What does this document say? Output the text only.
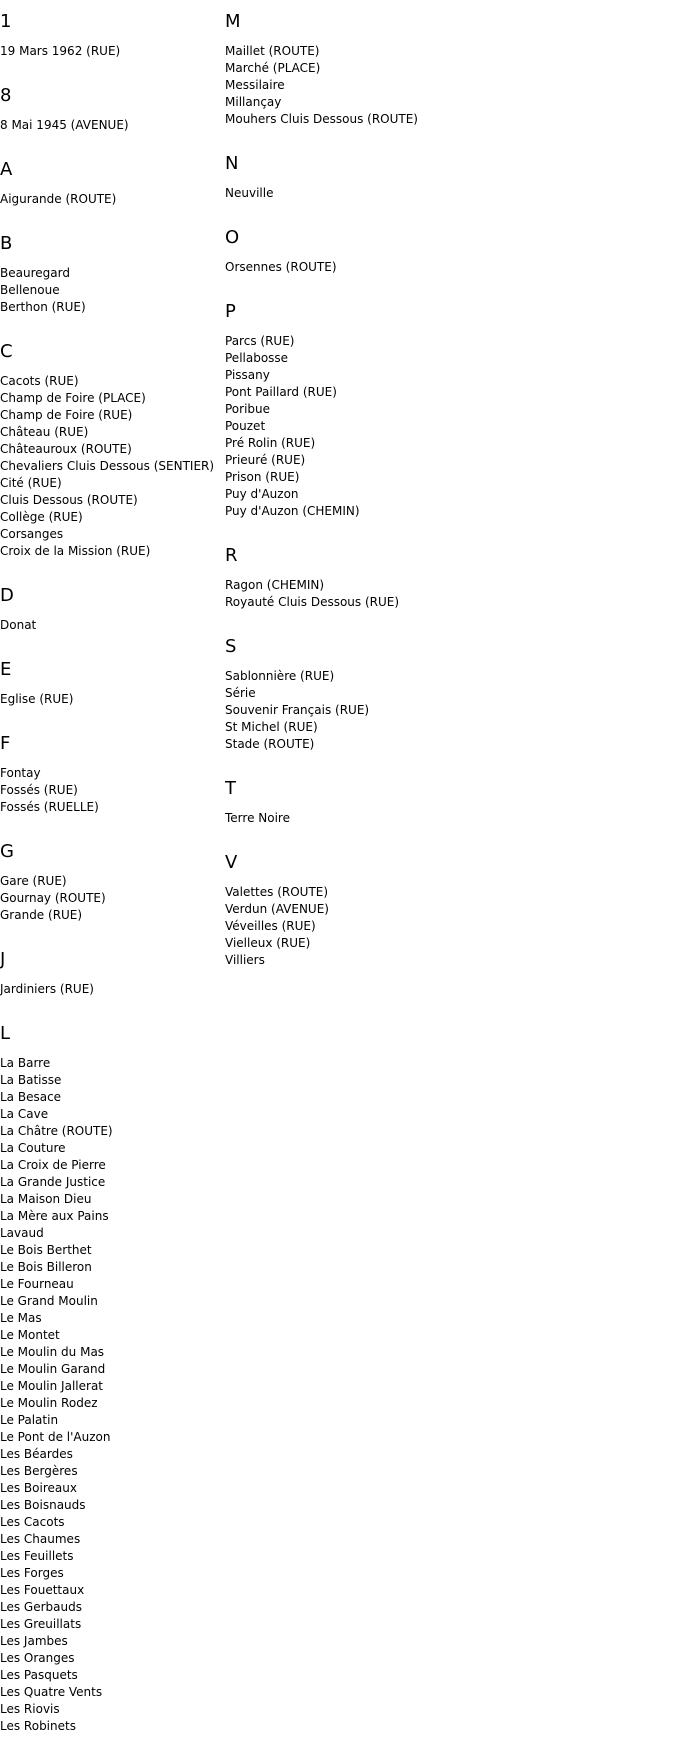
1
19 Mars 1962 (RUE)
8
8 Mai 1945 (AVENUE)
A
Aigurande (ROUTE)
B
Beauregard
Bellenoue
Berthon (RUE)
C
Cacots (RUE)
Champ de Foire (PLACE)
Champ de Foire (RUE)
Château (RUE)
Châteauroux (ROUTE)
Chevaliers Cluis Dessous (SENTIER)
Cité (RUE)
Cluis Dessous (ROUTE)
Collège (RUE)
Corsanges
Croix de la Mission (RUE)
D
Donat
E
Eglise (RUE)
F
Fontay
Fossés (RUE)
Fossés (RUELLE)
G
Gare (RUE)
Gournay (ROUTE)
Grande (RUE)
J
Jardiniers (RUE)
L
La Barre
La Batisse
La Besace
La Cave
La Châtre (ROUTE)
La Couture
La Croix de Pierre
La Grande Justice
La Maison Dieu
La Mère aux Pains
Lavaud
Le Bois Berthet
Le Bois Billeron
Le Fourneau
Le Grand Moulin
Le Mas
Le Montet
Le Moulin du Mas
Le Moulin Garand
Le Moulin Jallerat
Le Moulin Rodez
Le Palatin
Le Pont de l'Auzon
Les Béardes
Les Bergères
Les Boireaux
Les Boisnauds
Les Cacots
Les Chaumes
Les Feuillets
Les Forges
Les Fouettaux
Les Gerbauds
Les Greuillats
Les Jambes
Les Oranges
Les Pasquets
Les Quatre Vents
Les Riovis
Les Robinets
M
Maillet (ROUTE)
Marché (PLACE)
Messilaire
Millançay
Mouhers Cluis Dessous (ROUTE)
N
Neuville
O
Orsennes (ROUTE)
P
Parcs (RUE)
Pellabosse
Pissany
Pont Paillard (RUE)
Poribue
Pouzet
Pré Rolin (RUE)
Prieuré (RUE)
Prison (RUE)
Puy d'Auzon
Puy d'Auzon (CHEMIN)
R
Ragon (CHEMIN)
Royauté Cluis Dessous (RUE)
S
Sablonnière (RUE)
Série
Souvenir Français (RUE)
St Michel (RUE)
Stade (ROUTE)
T
Terre Noire
V
Valettes (ROUTE)
Verdun (AVENUE)
Véveilles (RUE)
Vielleux (RUE)
Villiers
